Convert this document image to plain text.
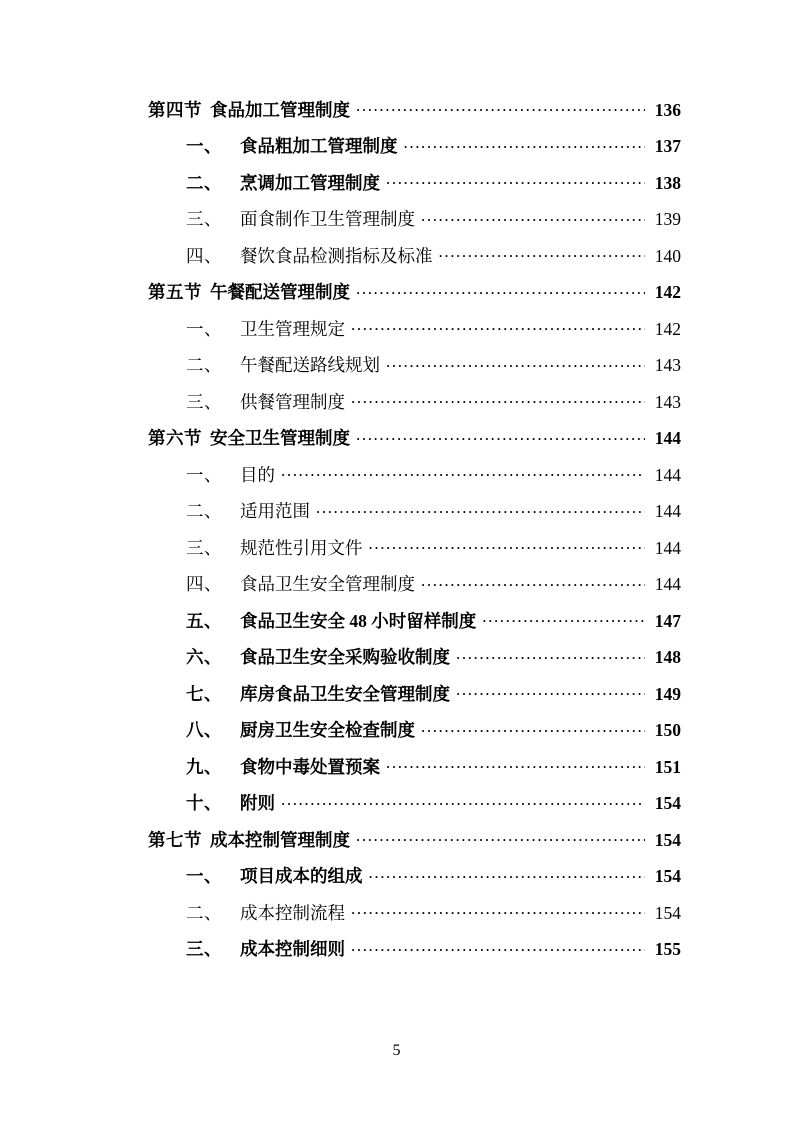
第四节 食品加工管理制度 .....	136
一、	食品粗加工管理制度 .....	137
二、	烹调加工管理制度 .....	138
三、	面食制作卫生管理制度 .....	139
四、	餐饮食品检测指标及标准 .....	140
第五节 午餐配送管理制度 .....	142
一、	卫生管理规定 .....	142
二、	午餐配送路线规划 .....	143
三、	供餐管理制度 .....	143
第六节 安全卫生管理制度 .....	144
一、	目的 .....	144
二、	适用范围 .....	144
三、	规范性引用文件 .....	144
四、	食品卫生安全管理制度 .....	144
五、	食品卫生安全 48 小时留样制度 .....	147
六、	食品卫生安全采购验收制度 .....	148
七、	库房食品卫生安全管理制度 .....	149
八、	厨房卫生安全检查制度 .....	150
九、	食物中毒处置预案 .....	151
十、	附则 .....	154
第七节 成本控制管理制度 .....	154
一、	项目成本的组成 .....	154
二、	成本控制流程 .....	154
三、	成本控制细则 .....	155
5
